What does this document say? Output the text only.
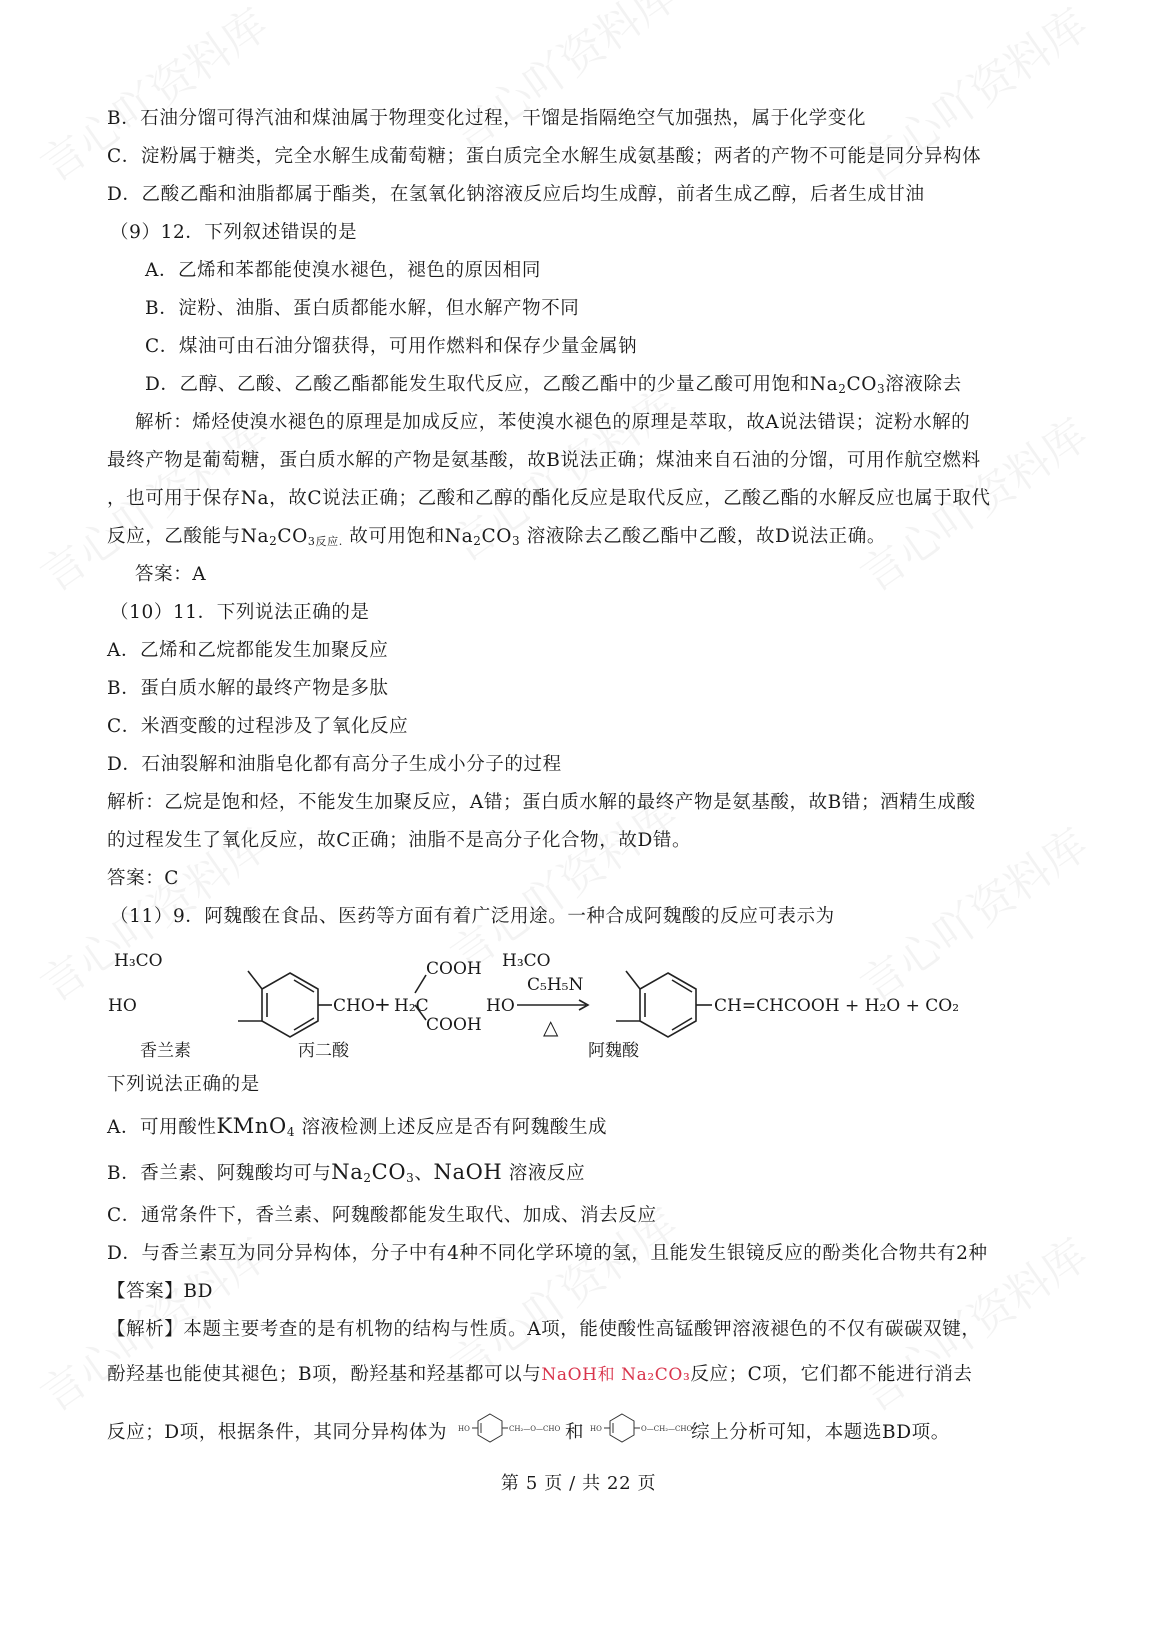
B．石油分馏可得汽油和煤油属于物理变化过程，干馏是指隔绝空气加强热，属于化学变化
C．淀粉属于糖类，完全水解生成葡萄糖；蛋白质完全水解生成氨基酸；两者的产物不可能是同分异构体
D．乙酸乙酯和油脂都属于酯类，在氢氧化钠溶液反应后均生成醇，前者生成乙醇，后者生成甘油
（9）12．下列叙述错误的是
A．乙烯和苯都能使溴水褪色，褪色的原因相同
B．淀粉、油脂、蛋白质都能水解，但水解产物不同
C．煤油可由石油分馏获得，可用作燃料和保存少量金属钠
D．乙醇、乙酸、乙酸乙酯都能发生取代反应，乙酸乙酯中的少量乙酸可用饱和$Na_2CO_3$溶液除去
解析：烯烃使溴水褪色的原理是加成反应，苯使溴水褪色的原理是萃取，故A说法错误；淀粉水解的
最终产物是葡萄糖，蛋白质水解的产物是氨基酸，故B说法正确；煤油来自石油的分馏，可用作航空燃料
，也可用于保存Na，故C说法正确；乙酸和乙醇的酯化反应是取代反应，乙酸乙酯的水解反应也属于取代
反应，乙酸能与$Na_2CO_{3反应.}$ 故可用饱和$Na_2CO_3$ 溶液除去乙酸乙酯中乙酸，故D说法正确。
答案：A
（10）11．下列说法正确的是
A．乙烯和乙烷都能发生加聚反应
B．蛋白质水解的最终产物是多肽
C．米酒变酸的过程涉及了氧化反应
D．石油裂解和油脂皂化都有高分子生成小分子的过程
解析：乙烷是饱和烃，不能发生加聚反应，A错；蛋白质水解的最终产物是氨基酸，故B错；酒精生成酸
的过程发生了氧化反应，故C正确；油脂不是高分子化合物，故D错。
答案：C
（11）9．阿魏酸在食品、医药等方面有着广泛用途。一种合成阿魏酸的反应可表示为
H₃CO
HO	CHO + H₂C
COOH
COOH
C₅H₅N
△
H₃CO
HO	CH=CHCOOH + H₂O + CO₂
香兰素	丙二酸	阿魏酸
下列说法正确的是
A．可用酸性KMnO$_4$ 溶液检测上述反应是否有阿魏酸生成
B．香兰素、阿魏酸均可与$Na_2CO_3$、NaOH 溶液反应
C．通常条件下，香兰素、阿魏酸都能发生取代、加成、消去反应
D．与香兰素互为同分异构体，分子中有4种不同化学环境的氢，且能发生银镜反应的酚类化合物共有2种
【答案】BD
【解析】本题主要考查的是有机物的结构与性质。A项，能使酸性高锰酸钾溶液褪色的不仅有碳碳双键，
酚羟基也能使其褪色；B项，酚羟基和羟基都可以与NaOH和 Na₂CO₃反应；C项，它们都不能进行消去
反应；D项，根据条件，其同分异构体为	和	综上分析可知，本题选BD项。
HO	CH₂—O—CHO	HO	O—CH₂—CHO
第 5 页 / 共 22 页
